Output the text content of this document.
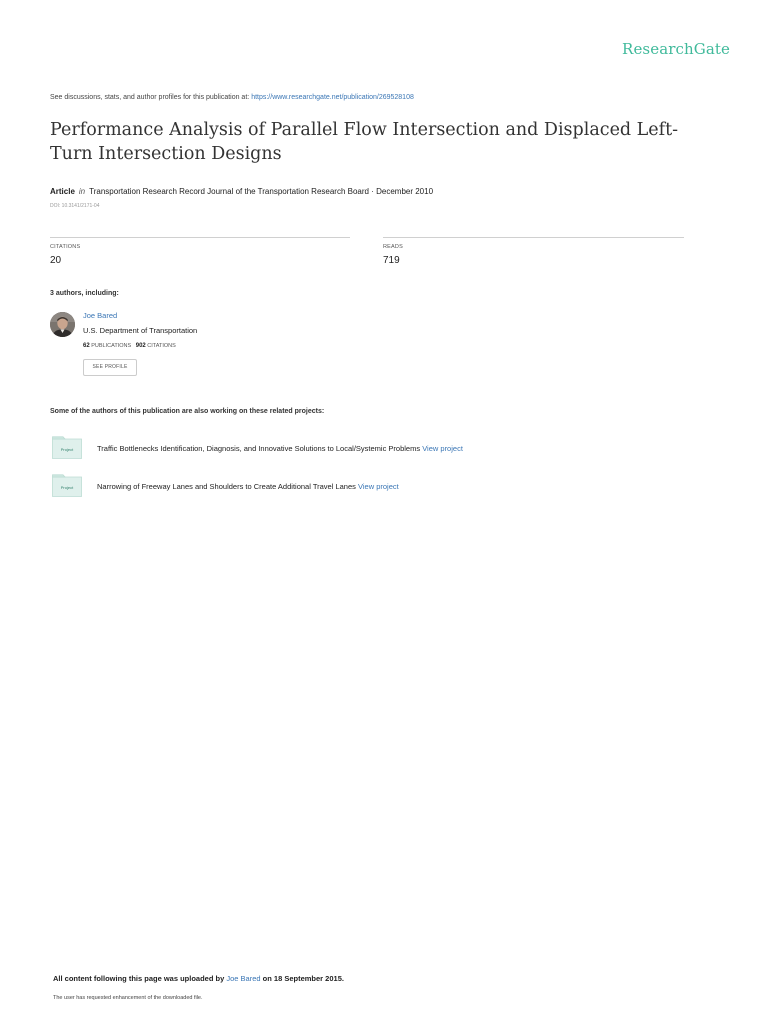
ResearchGate
See discussions, stats, and author profiles for this publication at: https://www.researchgate.net/publication/269528108
Performance Analysis of Parallel Flow Intersection and Displaced Left-Turn Intersection Designs
Article in Transportation Research Record Journal of the Transportation Research Board · December 2010
DOI: 10.3141/2171-04
CITATIONS
20
READS
719
3 authors, including:
Joe Bared
U.S. Department of Transportation
62 PUBLICATIONS 902 CITATIONS
SEE PROFILE
Some of the authors of this publication are also working on these related projects:
Project	Traffic Bottlenecks Identification, Diagnosis, and Innovative Solutions to Local/Systemic Problems View project
Project	Narrowing of Freeway Lanes and Shoulders to Create Additional Travel Lanes View project
All content following this page was uploaded by Joe Bared on 18 September 2015.
The user has requested enhancement of the downloaded file.
